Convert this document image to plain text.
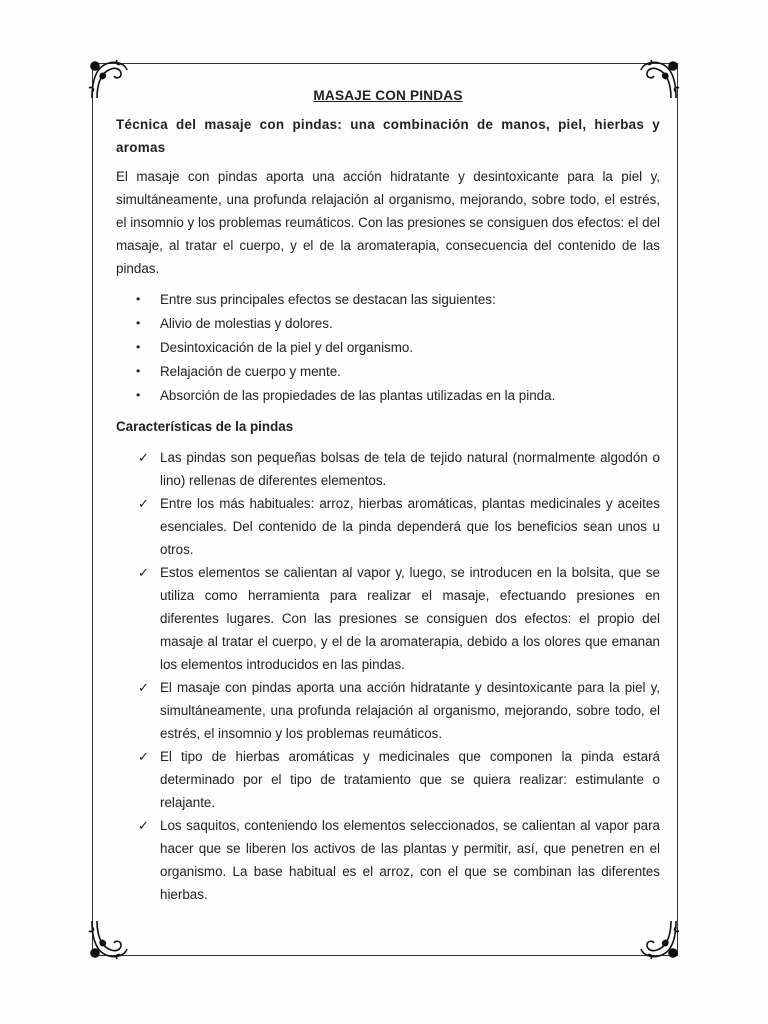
MASAJE CON PINDAS

Técnica del masaje con pindas: una combinación de manos, piel, hierbas y aromas

El masaje con pindas aporta una acción hidratante y desintoxicante para la piel y, simultáneamente, una profunda relajación al organismo, mejorando, sobre todo, el estrés, el insomnio y los problemas reumáticos. Con las presiones se consiguen dos efectos: el del masaje, al tratar el cuerpo, y el de la aromaterapia, consecuencia del contenido de las pindas.

• Entre sus principales efectos se destacan las siguientes:
• Alivio de molestias y dolores.
• Desintoxicación de la piel y del organismo.
• Relajación de cuerpo y mente.
• Absorción de las propiedades de las plantas utilizadas en la pinda.

Características de la pindas

✓ Las pindas son pequeñas bolsas de tela de tejido natural (normalmente algodón o lino) rellenas de diferentes elementos.
✓ Entre los más habituales: arroz, hierbas aromáticas, plantas medicinales y aceites esenciales. Del contenido de la pinda dependerá que los beneficios sean unos u otros.
✓ Estos elementos se calientan al vapor y, luego, se introducen en la bolsita, que se utiliza como herramienta para realizar el masaje, efectuando presiones en diferentes lugares. Con las presiones se consiguen dos efectos: el propio del masaje al tratar el cuerpo, y el de la aromaterapia, debido a los olores que emanan los elementos introducidos en las pindas.
✓ El masaje con pindas aporta una acción hidratante y desintoxicante para la piel y, simultáneamente, una profunda relajación al organismo, mejorando, sobre todo, el estrés, el insomnio y los problemas reumáticos.
✓ El tipo de hierbas aromáticas y medicinales que componen la pinda estará determinado por el tipo de tratamiento que se quiera realizar: estimulante o relajante.
✓ Los saquitos, conteniendo los elementos seleccionados, se calientan al vapor para hacer que se liberen los activos de las plantas y permitir, así, que penetren en el organismo. La base habitual es el arroz, con el que se combinan las diferentes hierbas.
